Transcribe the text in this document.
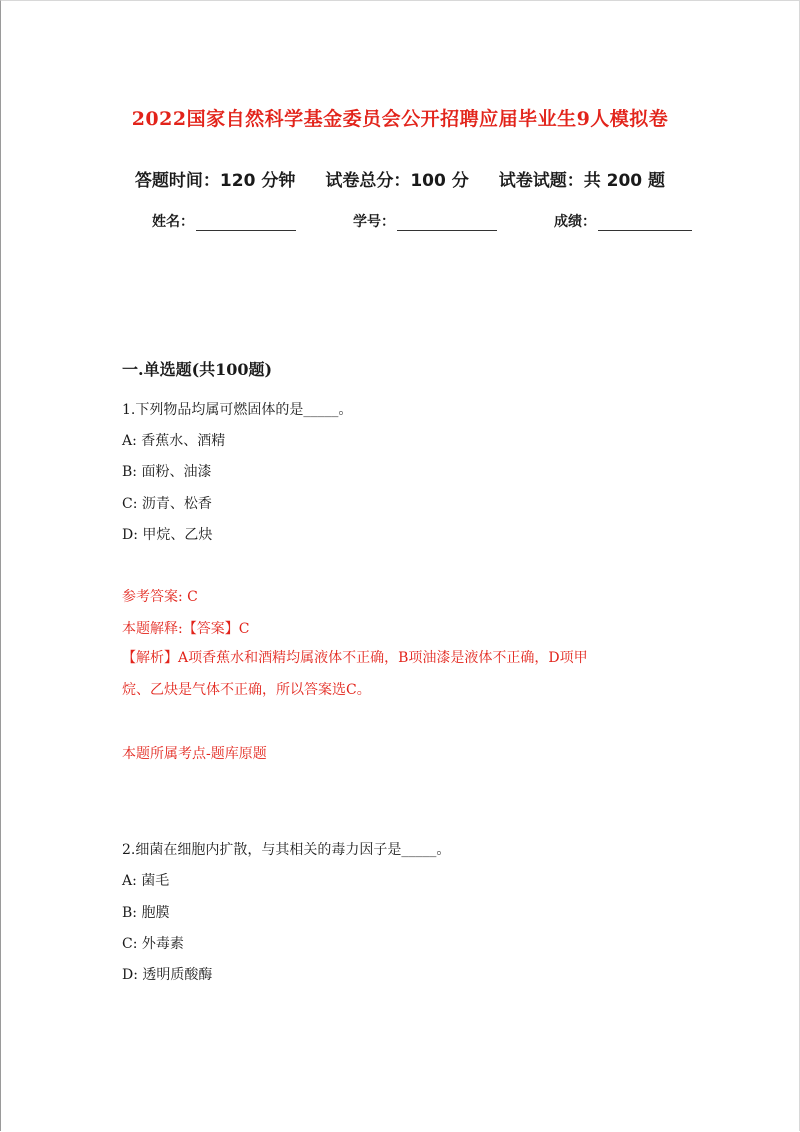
2022国家自然科学基金委员会公开招聘应届毕业生9人模拟卷
答题时间：120 分钟 试卷总分：100 分 试卷试题：共 200 题
姓名：	学号：	成绩：
一.单选题(共100题)
1.下列物品均属可燃固体的是_____。
A: 香蕉水、酒精
B: 面粉、油漆
C: 沥青、松香
D: 甲烷、乙炔
参考答案: C
本题解释:【答案】C
【解析】A项香蕉水和酒精均属液体不正确，B项油漆是液体不正确，D项甲
烷、乙炔是气体不正确，所以答案选C。
本题所属考点-题库原题
2.细菌在细胞内扩散，与其相关的毒力因子是_____。
A: 菌毛
B: 胞膜
C: 外毒素
D: 透明质酸酶
